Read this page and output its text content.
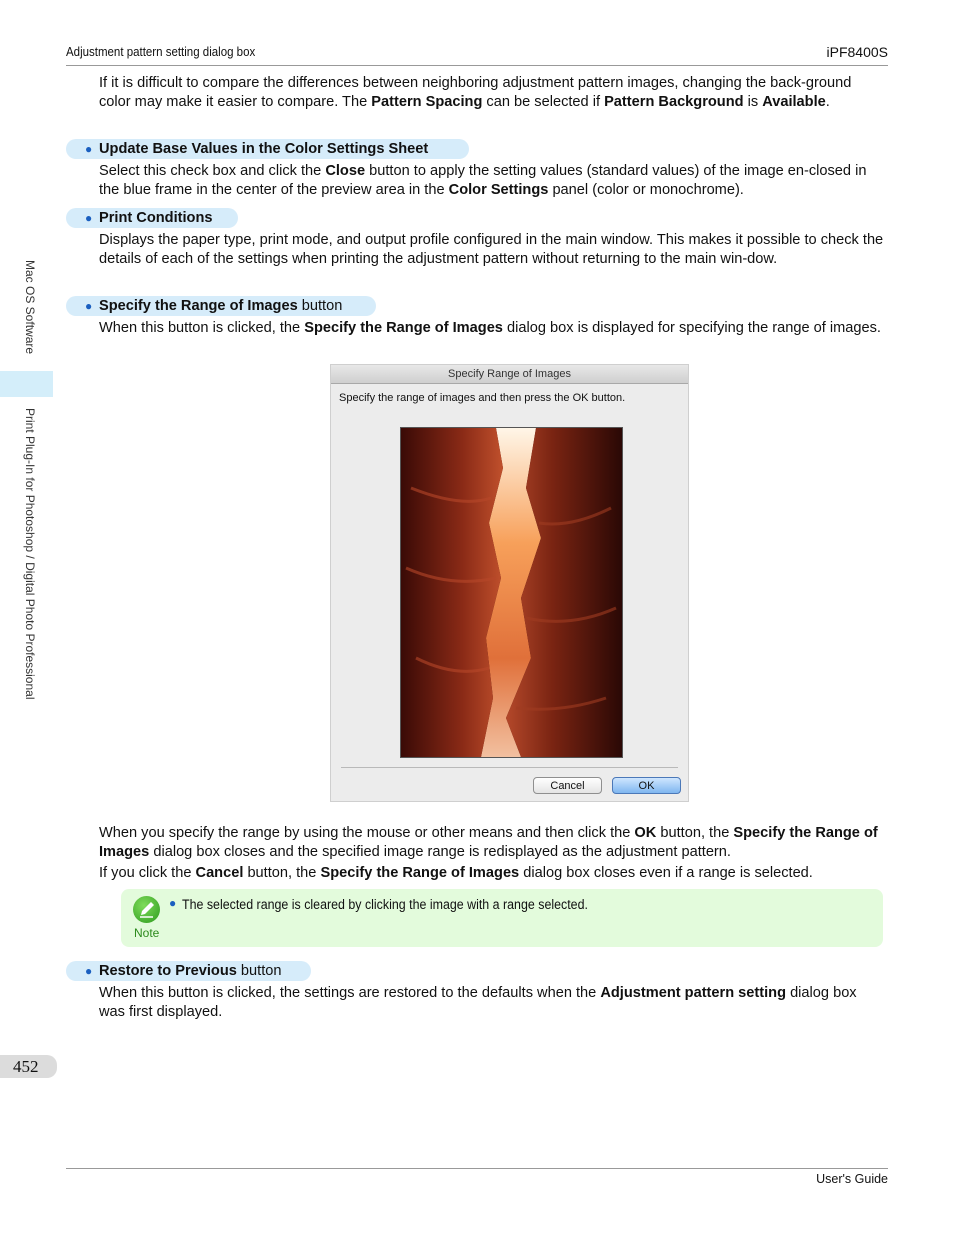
Adjustment pattern setting dialog box	iPF8400S
Mac OS Software
Print Plug-In for Photoshop / Digital Photo Professional
If it is difficult to compare the differences between neighboring adjustment pattern images, changing the back-ground color may make it easier to compare. The Pattern Spacing can be selected if Pattern Background is Available.
● Update Base Values in the Color Settings Sheet
Select this check box and click the Close button to apply the setting values (standard values) of the image en-closed in the blue frame in the center of the preview area in the Color Settings panel (color or monochrome).
● Print Conditions
Displays the paper type, print mode, and output profile configured in the main window. This makes it possible to check the details of each of the settings when printing the adjustment pattern without returning to the main win-dow.
● Specify the Range of Images button
When this button is clicked, the Specify the Range of Images dialog box is displayed for specifying the range of images.
Specify Range of Images
Specify the range of images and then press the OK button.
Cancel	OK
When you specify the range by using the mouse or other means and then click the OK button, the Specify the Range of Images dialog box closes and the specified image range is redisplayed as the adjustment pattern.
If you click the Cancel button, the Specify the Range of Images dialog box closes even if a range is selected.
Note
● The selected range is cleared by clicking the image with a range selected.
● Restore to Previous button
When this button is clicked, the settings are restored to the defaults when the Adjustment pattern setting dialog box was first displayed.
452
User's Guide
